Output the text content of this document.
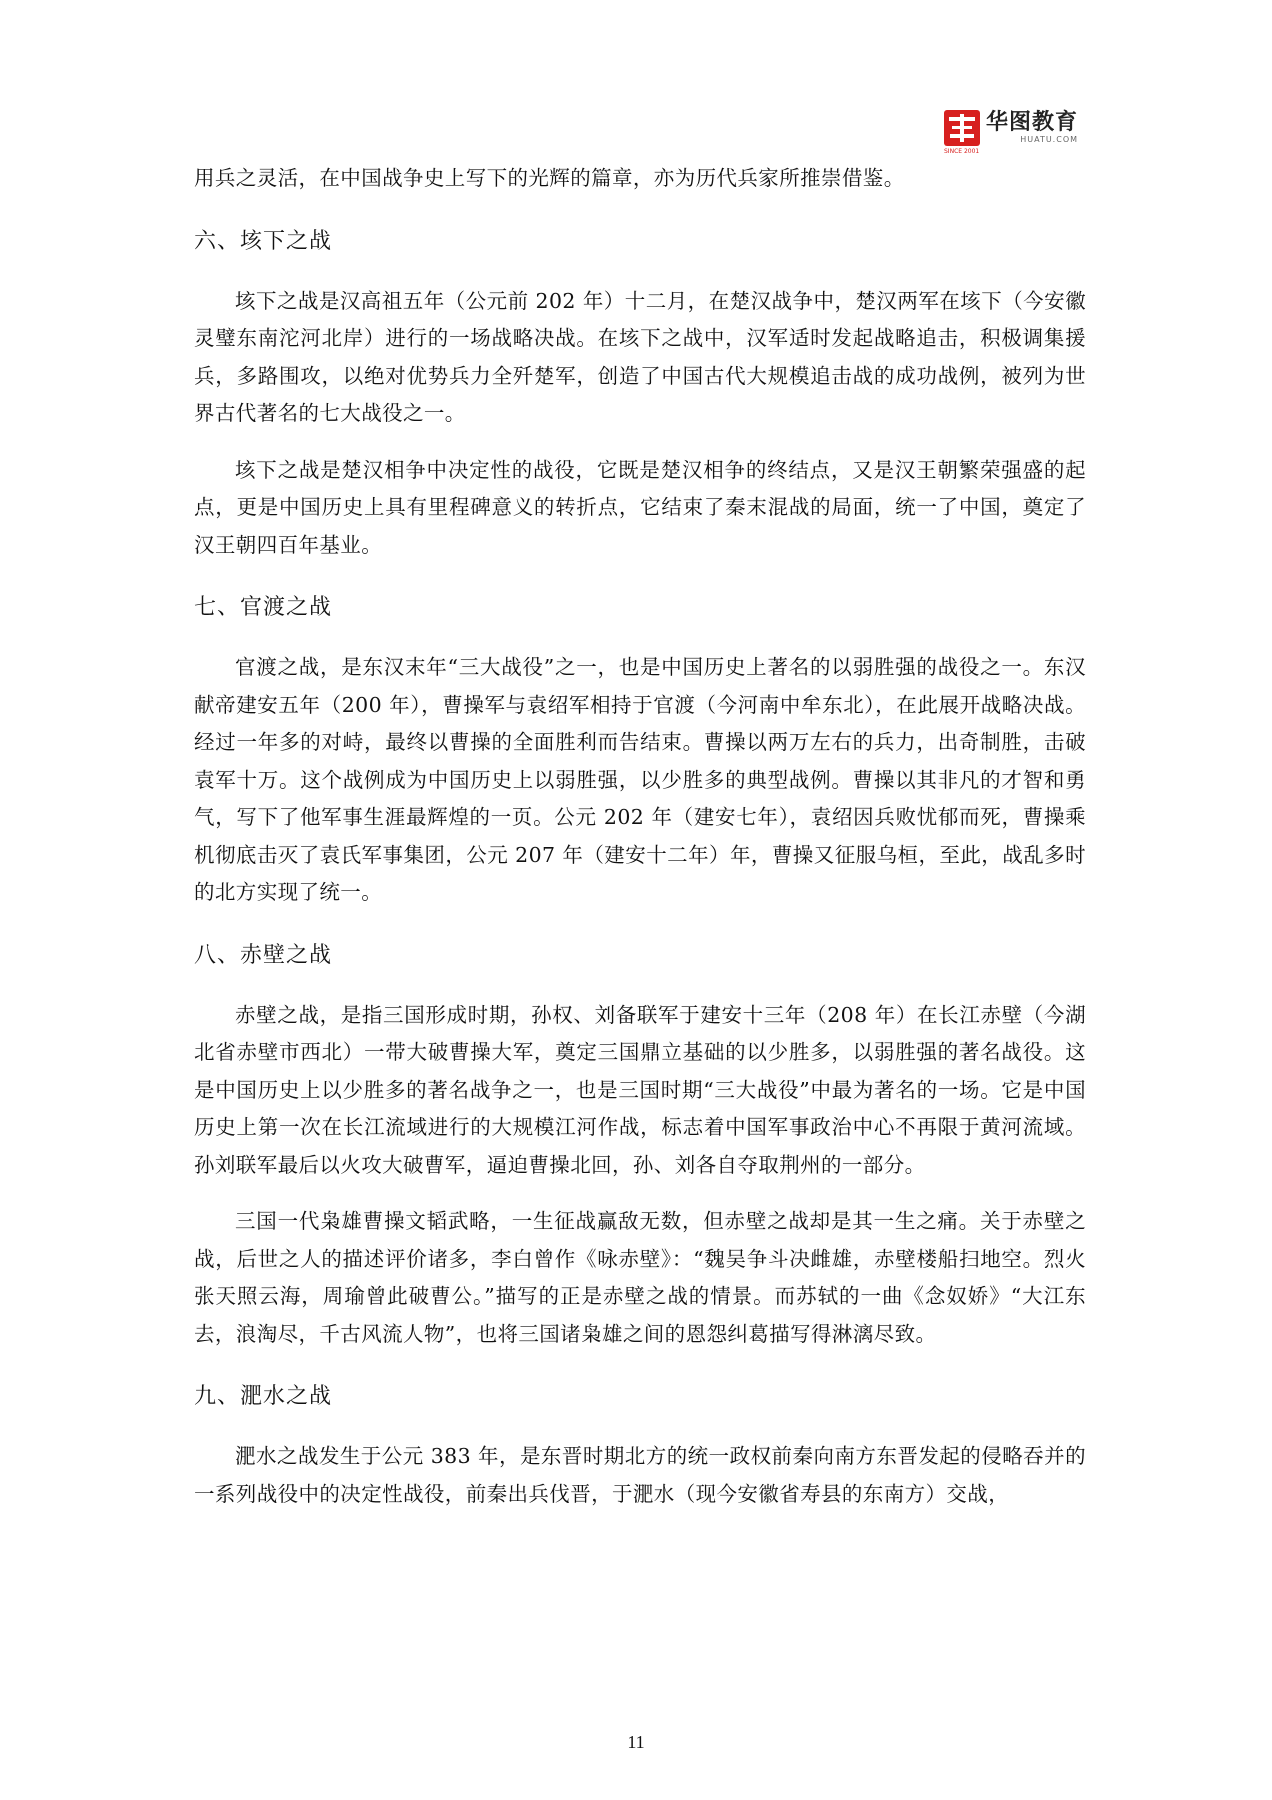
SINCE 2001
华图教育
HUATU.COM

用兵之灵活，在中国战争史上写下的光辉的篇章，亦为历代兵家所推崇借鉴。

六、垓下之战

垓下之战是汉高祖五年（公元前 202 年）十二月，在楚汉战争中，楚汉两军在垓下（今安徽灵璧东南沱河北岸）进行的一场战略决战。在垓下之战中，汉军适时发起战略追击，积极调集援兵，多路围攻，以绝对优势兵力全歼楚军，创造了中国古代大规模追击战的成功战例，被列为世界古代著名的七大战役之一。

垓下之战是楚汉相争中决定性的战役，它既是楚汉相争的终结点，又是汉王朝繁荣强盛的起点，更是中国历史上具有里程碑意义的转折点，它结束了秦末混战的局面，统一了中国，奠定了汉王朝四百年基业。

七、官渡之战

官渡之战，是东汉末年“三大战役”之一，也是中国历史上著名的以弱胜强的战役之一。东汉献帝建安五年（200 年），曹操军与袁绍军相持于官渡（今河南中牟东北），在此展开战略决战。经过一年多的对峙，最终以曹操的全面胜利而告结束。曹操以两万左右的兵力，出奇制胜，击破袁军十万。这个战例成为中国历史上以弱胜强，以少胜多的典型战例。曹操以其非凡的才智和勇气，写下了他军事生涯最辉煌的一页。公元 202 年（建安七年），袁绍因兵败忧郁而死，曹操乘机彻底击灭了袁氏军事集团，公元 207 年（建安十二年）年，曹操又征服乌桓，至此，战乱多时的北方实现了统一。

八、赤壁之战

赤壁之战，是指三国形成时期，孙权、刘备联军于建安十三年（208 年）在长江赤壁（今湖北省赤壁市西北）一带大破曹操大军，奠定三国鼎立基础的以少胜多，以弱胜强的著名战役。这是中国历史上以少胜多的著名战争之一，也是三国时期“三大战役”中最为著名的一场。它是中国历史上第一次在长江流域进行的大规模江河作战，标志着中国军事政治中心不再限于黄河流域。孙刘联军最后以火攻大破曹军，逼迫曹操北回，孙、刘各自夺取荆州的一部分。

三国一代枭雄曹操文韬武略，一生征战赢敌无数，但赤壁之战却是其一生之痛。关于赤壁之战，后世之人的描述评价诸多，李白曾作《咏赤壁》：“魏吴争斗决雌雄，赤壁楼船扫地空。烈火张天照云海，周瑜曾此破曹公。”描写的正是赤壁之战的情景。而苏轼的一曲《念奴娇》“大江东去，浪淘尽，千古风流人物”，也将三国诸枭雄之间的恩怨纠葛描写得淋漓尽致。

九、淝水之战

淝水之战发生于公元 383 年，是东晋时期北方的统一政权前秦向南方东晋发起的侵略吞并的一系列战役中的决定性战役，前秦出兵伐晋，于淝水（现今安徽省寿县的东南方）交战，

11
